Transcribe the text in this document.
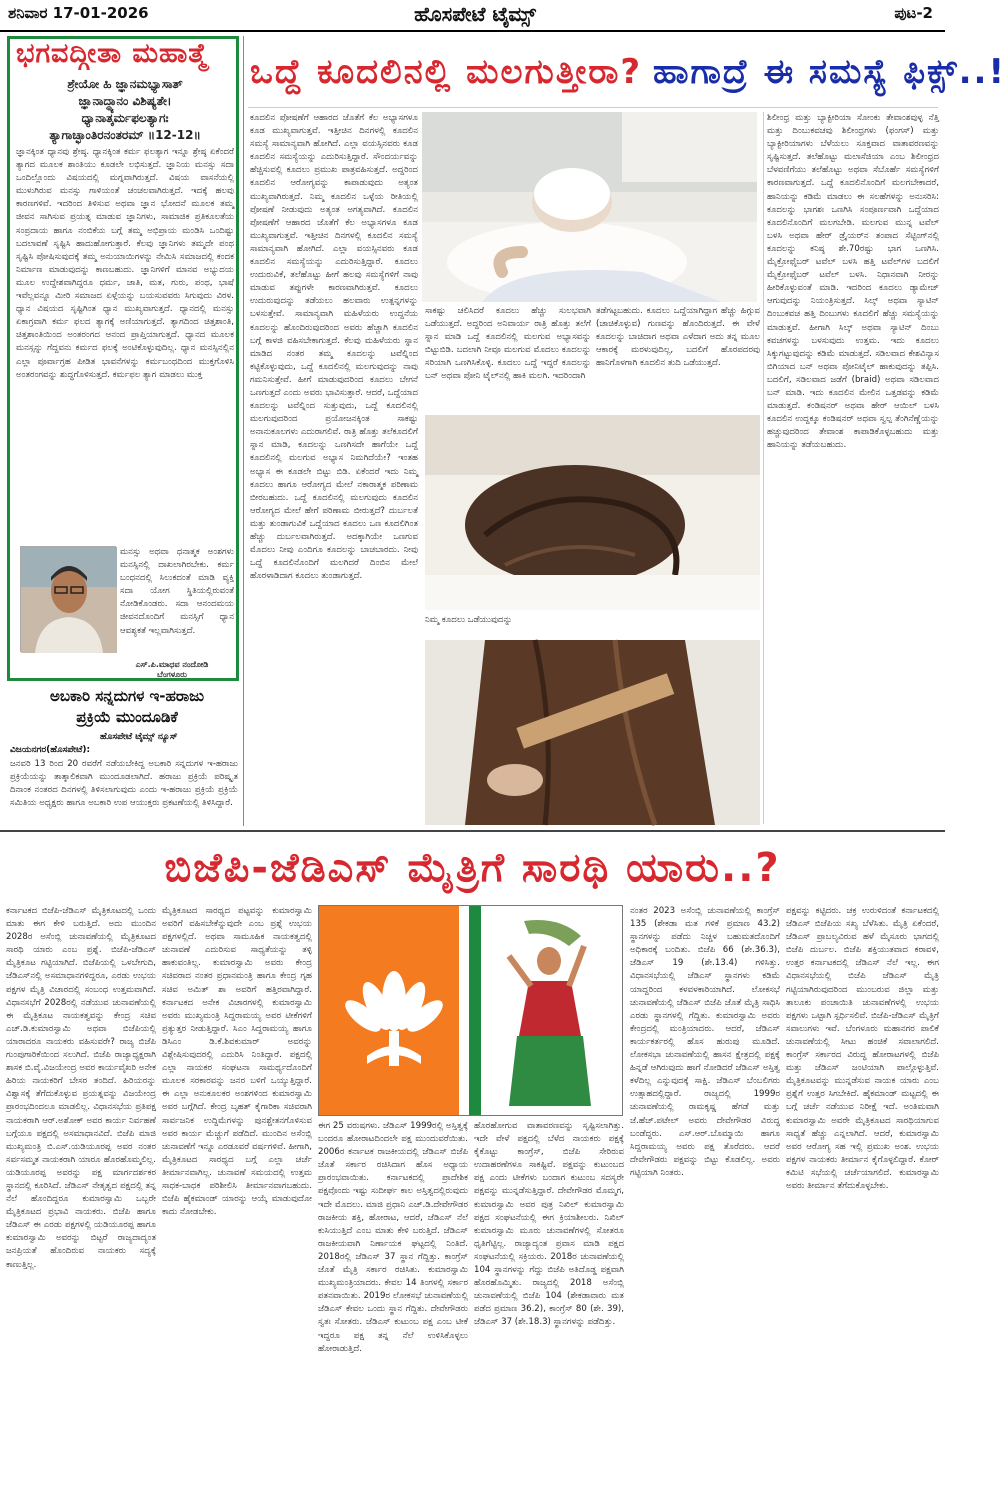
ಶನಿವಾರ 17-01-2026	ಹೊಸಪೇಟೆ ಟೈಮ್ಸ್	ಪುಟ-2
ಭಗವದ್ಗೀತಾ ಮಹಾತ್ಮೆ
ಶ್ರೇಯೋ ಹಿ ಜ್ಞಾನಮಭ್ಯಾಸಾತ್
ಜ್ಞಾನಾದ್ಧ್ಯಾನಂ ವಿಶಿಷ್ಯತೇ।
ಧ್ಯಾನಾತ್ಕರ್ಮಫಲತ್ಯಾಗಃ
ತ್ಯಾಗಾಚ್ಛಾಂತಿರನಂತರಮ್ ॥12-12॥
ಜ್ಞಾನಕ್ಕಿಂತ ಧ್ಯಾನವು ಶ್ರೇಷ್ಠ. ಧ್ಯಾನಕ್ಕಿಂತ ಕರ್ಮ ಫಲತ್ಯಾಗ ಇನ್ನೂ ಶ್ರೇಷ್ಠ ಏಕೆಂದರೆ ತ್ಯಾಗದ ಮೂಲಕ ಶಾಂತಿಯು ಕೂಡಲೇ ಲಭಿಸುತ್ತದೆ. ಜ್ಞಾನಿಯ ಮನಸ್ಸು ಸದಾ ಒಂದಿಲ್ಲೊಂದು ವಿಷಯದಲ್ಲಿ ಮಗ್ನವಾಗಿರುತ್ತದೆ. ವಿಷಯ ವಾಸನೆಯಲ್ಲಿ ಮುಳುಗಿರುವ ಮನಸ್ಸು ಗಾಳಿಯಂತೆ ಚಂಚಲವಾಗಿರುತ್ತದೆ. ಇದಕ್ಕೆ ಹಲವು ಕಾರಣಗಳಿವೆ. ಇದರಿಂದ ತಿಳಿಸುವ ಅಥವಾ ಜ್ಞಾನ ಭೋದನೆ ಮೂಲಕ ತಮ್ಮ ಜೀವನ ಸಾಗಿಸುವ ಪ್ರಯತ್ನ ಮಾಡುವ ಜ್ಞಾನಿಗಳು, ಸಾಮಾಜಿಕ ಪ್ರತಿಕೂಲತೆಯ ಸಂಪ್ರದಾಯ ಹಾಗೂ ನಂಬಿಕೆಯ ಬಗ್ಗೆ ತಮ್ಮ ಅಭಿಪ್ರಾಯ ಮಂಡಿಸಿ ಒಂದಿಷ್ಟು ಬದಲಾವಣೆ ಸೃಷ್ಟಿಸಿ ಹಾದುಹೋಗುತ್ತಾರೆ. ಕೆಲವು ಜ್ಞಾನಿಗಳು ತಮ್ಮದೇ ಪಂಥ ಸೃಷ್ಟಿಸಿ ಪೋಷಿಸುವುದಕ್ಕೆ ತಮ್ಮ ಅನುಯಾಯಿಗಳನ್ನು ನೇಮಿಸಿ ಸಮಾಜದಲ್ಲಿ ಕಂದಕ ನಿರ್ಮಾಣ ಮಾಡುವುದನ್ನು ಕಾಣಬಹುದು. ಜ್ಞಾನಿಗಳಿಗೆ ಮಾನವ ಅಭ್ಯುದಯ ಮೂಲ ಉದ್ದೇಶವಾಗಿದ್ದರೂ ಧರ್ಮ, ಜಾತಿ, ಮತ, ಗುರು, ಪಂಥ, ಭಾಷೆ ಇವೆಲ್ಲವನ್ನೂ ಮೀರಿ ಸಮಾಜದ ಏಳ್ಗೆಯನ್ನು ಬಯಸುವವರು ಸಿಗುವುದು ವಿರಳ. ಧ್ಯಾನ ವಿಷಯದ ಸೃಷ್ಟಿಗಿಂತ ಧ್ಯಾನ ಮುಖ್ಯವಾಗುತ್ತದೆ. ಧ್ಯಾನದಲ್ಲಿ ಮನಸ್ಸು ಏಕಾಗ್ರವಾಗಿ ಕರ್ಮ ಫಲದ ತ್ಯಾಗಕ್ಕೆ ಅಣಿಯಾಗುತ್ತದೆ. ತ್ಯಾಗದಿಂದ ಚಿತ್ತಶಾಂತಿ, ಚಿತ್ತಶಾಂತಿಯಿಂದ ಅಂತರಂಗದ ಆನಂದ ಪ್ರಾಪ್ತಿಯಾಗುತ್ತದೆ. ಧ್ಯಾನದ ಮೂಲಕ ಮನಸ್ಸನ್ನು ಗೆದ್ದವನು ಕರ್ಮದ ಫಲಕ್ಕೆ ಅಂಟಿಕೊಳ್ಳುವುದಿಲ್ಲ. ಧ್ಯಾನ ಮನಸ್ಸಿನಲ್ಲಿನ ಎಲ್ಲಾ ಪೂರ್ವಾಗ್ರಹ ಪೀಡಿತ ಭಾವನೆಗಳನ್ನು ಕರ್ಮಬಂಧದಿಂದ ಮುಕ್ತಗೊಳಿಸಿ ಅಂತರಂಗವನ್ನು ಶುದ್ಧಗೊಳಿಸುತ್ತದೆ. ಕರ್ಮಫಲ ತ್ಯಾಗ ಮಾಡಲು ಮುಕ್ತ
ಮನಸ್ಸು ಅಥವಾ ಧನಾತ್ಮಕ ಅಂಶಗಳು ಮನಸ್ಸಿನಲ್ಲಿ ದಾಖಲಾಗಿರಬೇಕು. ಕರ್ಮ ಬಂಧನದಲ್ಲಿ ಸಿಲುಕದಂತೆ ಮಾಡಿ ವ್ಯಕ್ತಿ ಸದಾ ಯೋಗ ಸ್ಥಿತಿಯಲ್ಲಿರುವಂತೆ ನೋಡಿಕೊಂಡರು. ಸದಾ ಆನಂದಮಯ ಜೀವನದೊಂದಿಗೆ ಮನಸ್ಸಿಗೆ ಧ್ಯಾನ ಆವಶ್ಯಕತೆ ಇಲ್ಲವಾಗಿಸುತ್ತದೆ.
ಎಸ್.ಪಿ.ಮಾಧವ ನಂದೋಡಿ
ಬೆಂಗಳೂರು
ಅಬಕಾರಿ ಸನ್ನದುಗಳ ಇ-ಹರಾಜು
ಪ್ರಕ್ರಿಯೆ ಮುಂದೂಡಿಕೆ
ಹೊಸಪೇಟೆ ಟೈಮ್ಸ್ ನ್ಯೂಸ್
ವಿಜಯನಗರ(ಹೊಸಪೇಟೆ):
ಜನವರಿ 13 ರಿಂದ 20 ರವರೆಗೆ ನಡೆಯಬೇಕಿದ್ದ ಅಬಕಾರಿ ಸನ್ನದುಗಳ ಇ-ಹರಾಜು ಪ್ರಕ್ರಿಯೆಯನ್ನು ತಾತ್ಕಾಲಿಕವಾಗಿ ಮುಂದೂಡಲಾಗಿದೆ. ಹರಾಜು ಪ್ರಕ್ರಿಯೆ ಪರಿಷ್ಕೃತ ದಿನಾಂಕ ನಂತರದ ದಿನಗಳಲ್ಲಿ ತಿಳಿಸಲಾಗುವುದು ಎಂದು ಇ-ಹರಾಜು ಪ್ರಕ್ರಿಯೆ ಪ್ರಕ್ರಿಯೆ ಸಮಿತಿಯ ಅಧ್ಯಕ್ಷರು ಹಾಗೂ ಅಬಕಾರಿ ಉಪ ಆಯುಕ್ತರು ಪ್ರಕಟಣೆಯಲ್ಲಿ ತಿಳಿಸಿದ್ದಾರೆ.
ಒದ್ದೆ ಕೂದಲಿನಲ್ಲಿ ಮಲಗುತ್ತೀರಾ? ಹಾಗಾದ್ರೆ ಈ ಸಮಸ್ಯೆ ಫಿಕ್ಸ್..!
ಕೂದಲಿನ ಪೋಷಣೆಗೆ ಆಹಾರದ ಜೊತೆಗೆ ಕೆಲ ಅಭ್ಯಾಸಗಳೂ ಕೂಡ ಮುಖ್ಯವಾಗುತ್ತವೆ. ಇತ್ತೀಚಿನ ದಿನಗಳಲ್ಲಿ ಕೂದಲಿನ ಸಮಸ್ಯೆ ಸಾಮಾನ್ಯವಾಗಿ ಹೋಗಿದೆ. ಎಲ್ಲಾ ವಯಸ್ಸಿನವರು ಕೂಡ ಕೂದಲಿನ ಸಮಸ್ಯೆಯನ್ನು ಎದುರಿಸುತ್ತಿದ್ದಾರೆ. ಸೌಂದರ್ಯವನ್ನು ಹೆಚ್ಚಿಸುವಲ್ಲಿ ಕೂದಲು ಪ್ರಮುಖ ಪಾತ್ರವಹಿಸುತ್ತದೆ. ಅದ್ದರಿಂದ ಕೂದಲಿನ ಆರೋಗ್ಯವನ್ನು ಕಾಪಾಡುವುದು ಅತ್ಯಂತ ಮುಖ್ಯವಾಗಿರುತ್ತದೆ. ನಿಮ್ಮ ಕೂದಲಿನ ಒಳ್ಳೆಯ ರೀತಿಯಲ್ಲಿ ಪೋಷಣೆ ನೀಡುವುದು ಅತ್ಯಂತ ಅಗತ್ಯವಾಗಿದೆ. ಕೂದಲಿನ ಪೋಷಣೆಗೆ ಆಹಾರದ ಜೊತೆಗೆ ಕೆಲ ಅಭ್ಯಾಸಗಳೂ ಕೂಡ ಮುಖ್ಯವಾಗುತ್ತವೆ. ಇತ್ತೀಚಿನ ದಿನಗಳಲ್ಲಿ ಕೂದಲಿನ ಸಮಸ್ಯೆ ಸಾಮಾನ್ಯವಾಗಿ ಹೋಗಿದೆ. ಎಲ್ಲಾ ವಯಸ್ಸಿನವರು ಕೂಡ ಕೂದಲಿನ ಸಮಸ್ಯೆಯನ್ನು ಎದುರಿಸುತ್ತಿದ್ದಾರೆ. ಕೂದಲು ಉದುರುವಿಕೆ, ತಲೆಹೊಟ್ಟು ಹೀಗೆ ಹಲವು ಸಮಸ್ಯೆಗಳಿಗೆ ನಾವು ಮಾಡುವ ತಪ್ಪುಗಳೇ ಕಾರಣವಾಗಿರುತ್ತವೆ. ಕೂದಲು ಉದುರುವುದನ್ನು ತಡೆಯಲು ಹಲವಾರು ಉತ್ಪನ್ನಗಳನ್ನು ಬಳಸುತ್ತೇವೆ. ಸಾಮಾನ್ಯವಾಗಿ ಮಹಿಳೆಯರು ಉದ್ದನೆಯ ಕೂದಲನ್ನು ಹೊಂದಿರುವುದರಿಂದ ಅವರು ಹೆಚ್ಚಾಗಿ ಕೂದಲಿನ ಬಗ್ಗೆ ಕಾಳಜಿ ವಹಿಸಬೇಕಾಗುತ್ತದೆ. ಕೆಲವು ಮಹಿಳೆಯರು ಸ್ನಾನ ಮಾಡಿದ ನಂತರ ತಮ್ಮ ಕೂದಲನ್ನು ಟವೆಲ್ನಿಂದ ಕಟ್ಟಿಕೊಳ್ಳುವುದು, ಒದ್ದೆ ಕೂದಲಿನಲ್ಲಿ ಮಲಗುವುದನ್ನು ನಾವು ಗಮನಿಸುತ್ತೇವೆ. ಹೀಗೆ ಮಾಡುವುದರಿಂದ ಕೂದಲು ಬೇಗನೆ ಒಣಗುತ್ತದೆ ಎಂದು ಅವರು ಭಾವಿಸುತ್ತಾರೆ. ಆದರೆ, ಒದ್ದೆಯಾದ ಕೂದಲನ್ನು ಟವೆಲ್ನಿಂದ ಸುತ್ತುವುದು, ಒದ್ದೆ ಕೂದಲಿನಲ್ಲಿ ಮಲಗುವುದರಿಂದ ಪ್ರಯೋಜನಕ್ಕಿಂತ ಸಾಕಷ್ಟು ಅನಾನುಕೂಲಗಳು ಎದುರಾಗಲಿವೆ. ರಾತ್ರಿ ಹೊತ್ತು ತಲೆಕೂದಲಿಗೆ ಸ್ನಾನ ಮಾಡಿ, ಕೂದಲನ್ನು ಒಣಗಿಸದೇ ಹಾಗೆಯೇ ಒದ್ದೆ ಕೂದಲಿನಲ್ಲಿ ಮಲಗುವ ಅಭ್ಯಾಸ ನಿಮಗಿದೆಯೇ? ಇಂತಹ ಅಭ್ಯಾಸ ಈ ಕೂಡಲೇ ಬಿಟ್ಟು ಬಿಡಿ. ಏಕೆಂದರೆ ಇದು ನಿಮ್ಮ ಕೂದಲು ಹಾಗೂ ಆರೋಗ್ಯದ ಮೇಲೆ ನಕಾರಾತ್ಮಕ ಪರಿಣಾಮ ಬೀರಬಹುದು. ಒದ್ದೆ ಕೂದಲಿನಲ್ಲಿ ಮಲಗುವುದು ಕೂದಲಿನ ಆರೋಗ್ಯದ ಮೇಲೆ ಹೇಗೆ ಪರಿಣಾಮ ಬೀರುತ್ತದೆ? ದುರ್ಬಲತೆ ಮತ್ತು ತುಂಡಾಗುವಿಕೆ ಒದ್ದೆಯಾದ ಕೂದಲು ಒಣ ಕೂದಲಿಗಿಂತ ಹೆಚ್ಚು ದುರ್ಬಲವಾಗಿರುತ್ತದೆ. ಅದಕ್ಕಾಗಿಯೇ ಒಣಗುವ ಮೊದಲು ನೀವು ಎಂದಿಗೂ ಕೂದಲನ್ನು ಬಾಚಬಾರದು. ನೀವು ಒದ್ದೆ ಕೂದಲಿನೊಂದಿಗೆ ಮಲಗಿದರೆ ದಿಂಬಿನ ಮೇಲೆ ಹೊರಳಾಡಿದಾಗ ಕೂದಲು ತುಂಡಾಗುತ್ತದೆ.
ಸಾಕಷ್ಟು ಚಲಿಸಿದರೆ ಕೂದಲು ಹೆಚ್ಚು ಸುಲಭವಾಗಿ ಒಡೆಯುತ್ತದೆ. ಅದ್ದರಿಂದ ಅನಿವಾರ್ಯ ರಾತ್ರಿ ಹೊತ್ತು ತಲೆಗೆ ಸ್ನಾನ ಮಾಡಿ ಒದ್ದೆ ಕೂದಲಿನಲ್ಲಿ ಮಲಗುವ ಅಭ್ಯಾಸವನ್ನು ಬಿಟ್ಟುಬಿಡಿ. ಬದಲಾಗಿ ನೀವೂ ಮಲಗುವ ಮೊದಲು ಕೂದಲನ್ನು ಸರಿಯಾಗಿ ಒಣಗಿಸಿಕೊಳ್ಳಿ. ಕೂದಲು ಒದ್ದೆ ಇದ್ದರೆ ಕೂದಲನ್ನು ಬನ್ ಅಥವಾ ಪೋನಿ ಟೈಲ್‌ನಲ್ಲಿ ಹಾಕಿ ಮಲಗಿ. ಇದರಿಂದಾಗಿ
ತಡೆಗಟ್ಟಬಹುದು. ಕೂದಲು ಒದ್ದೆಯಾಗಿದ್ದಾಗ ಹೆಚ್ಚು ಹಿಗ್ಗುವ (ಚಾಚಿಕೊಳ್ಳುವ) ಗುಣವನ್ನು ಹೊಂದಿರುತ್ತದೆ. ಈ ವೇಳೆ ಕೂದಲನ್ನು ಬಾಚಿದಾಗ ಅಥವಾ ಎಳೆದಾಗ ಅದು ತನ್ನ ಮೂಲ ಆಕಾರಕ್ಕೆ ಮರಳುವುದಿಲ್ಲ, ಬದಲಿಗೆ ಹೊರಪದರವು ಹಾನಿಗೊಳಗಾಗಿ ಕೂದಲಿನ ತುದಿ ಒಡೆಯುತ್ತದೆ.
ನಿಮ್ಮ ಕೂದಲು ಒಡೆಯುವುದನ್ನು
ಶಿಲೀಂಧ್ರ ಮತ್ತು ಬ್ಯಾಕ್ಟೀರಿಯಾ ಸೋಂಕು ತೇವಾಂಶವುಳ್ಳ ನೆತ್ತಿ ಮತ್ತು ದಿಂಬುಕವಚವು ಶಿಲೀಂಧ್ರಗಳು (ಫಂಗಸ್) ಮತ್ತು ಬ್ಯಾಕ್ಟೀರಿಯಾಗಳು ಬೆಳೆಯಲು ಸೂಕ್ತವಾದ ವಾತಾವರಣವನ್ನು ಸೃಷ್ಟಿಸುತ್ತದೆ. ತಲೆಹೊಟ್ಟು ಮಲಾಸೆಜಿಯಾ ಎಂಬ ಶಿಲೀಂಧ್ರದ ಬೆಳವಣಿಗೆಯು ತಲೆಹೊಟ್ಟು ಅಥವಾ ಸೆಬೊರ್ಹೆ ಸಮಸ್ಯೆಗಳಿಗೆ ಕಾರಣವಾಗುತ್ತದೆ. ಒದ್ದೆ ಕೂದಲಿನೊಂದಿಗೆ ಮಲಗಬೇಕಾದರೆ, ಹಾನಿಯನ್ನು ಕಡಿಮೆ ಮಾಡಲು ಈ ಸಲಹೆಗಳನ್ನು ಅನುಸರಿಸಿ: ಕೂದಲನ್ನು ಭಾಗಶಃ ಒಣಗಿಸಿ ಸಂಪೂರ್ಣವಾಗಿ ಒದ್ದೆಯಾದ ಕೂದಲಿನೊಂದಿಗೆ ಮಲಗಬೇಡಿ. ಮಲಗುವ ಮುನ್ನ ಟವೆಲ್ ಬಳಸಿ ಅಥವಾ ಹೇರ್ ಡ್ರೈಯರ್‌ನ ತಂಪಾದ ಸೆಟ್ಟಿಂಗ್‌ನಲ್ಲಿ ಕೂದಲನ್ನು ಕನಿಷ್ಠ ಶೇ.70ರಷ್ಟು ಭಾಗ ಒಣಗಿಸಿ. ಮೈಕ್ರೋಫೈಬರ್ ಟವೆಲ್ ಬಳಸಿ ಹತ್ತಿ ಟವೆಲ್‌ಗಳ ಬದಲಿಗೆ ಮೈಕ್ರೋಫೈಬರ್ ಟವೆಲ್ ಬಳಸಿ. ನಿಧಾನವಾಗಿ ನೀರನ್ನು ಹೀರಿಕೊಳ್ಳುವಂತೆ ಮಾಡಿ. ಇದರಿಂದ ಕೂದಲು ಡ್ಯಾಮೇಜ್ ಆಗುವುದನ್ನು ನಿಯಂತ್ರಿಸುತ್ತದೆ. ಸಿಲ್ಕ್ ಅಥವಾ ಸ್ಯಾಟಿನ್ ದಿಂಬುಕವಚ ಹತ್ತಿ ದಿಂಬುಗಳು ಕೂದಲಿಗೆ ಹೆಚ್ಚು ಸಮಸ್ಯೆಯನ್ನು ಮಾಡುತ್ತವೆ. ಹೀಗಾಗಿ ಸಿಲ್ಕ್ ಅಥವಾ ಸ್ಯಾಟಿನ್ ದಿಂಬು ಕವಚಗಳನ್ನು ಬಳಸುವುದು ಉತ್ತಮ. ಇದು ಕೂದಲು ಸಿಕ್ಕುಗಟ್ಟುವುದನ್ನು ಕಡಿಮೆ ಮಾಡುತ್ತದೆ. ಸಡಿಲವಾದ ಕೇಶವಿನ್ಯಾಸ ಬಿಗಿಯಾದ ಬನ್ ಅಥವಾ ಪೋನಿಟೈಲ್ ಹಾಕುವುದನ್ನು ತಪ್ಪಿಸಿ. ಬದಲಿಗೆ, ಸಡಿಲವಾದ ಜಡೆಗೆ (braid) ಅಥವಾ ಸಡಿಲವಾದ ಬನ್ ಮಾಡಿ. ಇದು ಕೂದಲಿನ ಮೇಲಿನ ಒತ್ತಡವನ್ನು ಕಡಿಮೆ ಮಾಡುತ್ತದೆ. ಕಂಡಿಷನರ್ ಅಥವಾ ಹೇರ್ ಆಯಿಲ್ ಬಳಸಿ ಕೂದಲಿನ ಉದ್ದಕ್ಕೂ ಕಂಡಿಷನರ್ ಅಥವಾ ಸ್ವಲ್ಪ ತೆಂಗಿನೆಣ್ಣೆಯನ್ನು ಹಚ್ಚುವುದರಿಂದ ತೇವಾಂಶ ಕಾಪಾಡಿಕೊಳ್ಳಬಹುದು ಮತ್ತು ಹಾನಿಯನ್ನು ತಡೆಯಬಹುದು.
ಬಿಜೆಪಿ-ಜೆಡಿಎಸ್ ಮೈತ್ರಿಗೆ ಸಾರಥಿ ಯಾರು..?
ಕರ್ನಾಟಕದ ಬಿಜೆಪಿ-ಜೆಡಿಎಸ್ ಮೈತ್ರಿಕೂಟದಲ್ಲಿ ಒಂದು ಮಾತು ಈಗ ಕೇಳಿ ಬರುತ್ತಿದೆ. ಅದು ಮುಂದಿನ 2028ರ ಅಸೆಂಬ್ಲಿ ಚುನಾವಣೆಯಲ್ಲಿ ಮೈತ್ರಿಕೂಟದ ಸಾರಥಿ ಯಾರು ಎಂಬ ಪ್ರಶ್ನೆ. ಬಿಜೆಪಿ-ಜೆಡಿಎಸ್ ಮೈತ್ರಿಕೂಟ ಗಟ್ಟಿಯಾಗಿದೆ. ಬಿಜೆಪಿಯಲ್ಲಿ ಒಳಬೇಗುದಿ, ಜೆಡಿಎಸ್‌ನಲ್ಲಿ ಅಸಮಾಧಾನಗಳಿದ್ದರೂ, ಎರಡು ಉಭಯ ಪಕ್ಷಗಳ ಮೈತ್ರಿ ವಿಚಾರದಲ್ಲಿ ಸಂಬಂಧ ಉತ್ತಮವಾಗಿದೆ. ವಿಧಾನಸಭೆಗೆ 2028ರಲ್ಲಿ ನಡೆಯುವ ಚುನಾವಣೆಯಲ್ಲಿ ಈ ಮೈತ್ರಿಕೂಟ ನಾಯಕತ್ವವನ್ನು ಕೇಂದ್ರ ಸಚಿವ ಎಚ್.ಡಿ.ಕುಮಾರಸ್ವಾಮಿ ಅಥವಾ ಬಿಜೆಪಿಯಲ್ಲಿ ಯಾರಾದರೂ ನಾಯಕರು ವಹಿಸುವರೇ? ರಾಜ್ಯ ಬಿಜೆಪಿ ಗುಂಪುಗಾರಿಕೆಯಿಂದ ಸಲುಗಿದೆ. ಬಿಜೆಪಿ ರಾಜ್ಯಾಧ್ಯಕ್ಷರಾಗಿ ಶಾಸಕ ಬಿ.ವೈ.ವಿಜಯೇಂದ್ರ ಅವರ ಕಾರ್ಯವೈಖರಿ ಅನೇಕ ಹಿರಿಯ ನಾಯಕರಿಗೆ ಬೇಸರ ತಂದಿದೆ. ಹಿರಿಯರನ್ನು ವಿಶ್ವಾಸಕ್ಕೆ ತೆಗೆದುಕೊಳ್ಳುವ ಪ್ರಯತ್ನವನ್ನು ವಿಜಯೇಂದ್ರ ಪ್ರಾರಂಭದಿಂದಲೂ ಮಾಡಲಿಲ್ಲ. ವಿಧಾನಸಭೆಯ ಪ್ರತಿಪಕ್ಷ ನಾಯಕರಾಗಿ ಆರ್.ಅಶೋಕ್ ಅವರ ಕಾರ್ಯ ನಿರ್ವಹಣೆ ಬಗ್ಗೆಯೂ ಪಕ್ಷದಲ್ಲಿ ಅಸಮಾಧಾನವಿದೆ. ಬಿಜೆಪಿ ಮಾಜಿ ಮುಖ್ಯಮಂತ್ರಿ ಬಿ.ಎಸ್.ಯಡಿಯೂರಪ್ಪ ಅವರ ನಂತರ ಸರ್ವಸಮ್ಮತ ನಾಯಕರಾಗಿ ಯಾರೂ ಹೊರಹೊಮ್ಮಲಿಲ್ಲ. ಯಡಿಯೂರಪ್ಪ ಅವರನ್ನು ಪಕ್ಷ ಮಾರ್ಗದರ್ಶಕರ ಸ್ಥಾನದಲ್ಲಿ ಕೂರಿಸಿದೆ. ಜೆಡಿಎಸ್ ನೇತೃತ್ವದ ಪಕ್ಷದಲ್ಲಿ ತನ್ನ ನೆಲೆ ಹೊಂದಿದ್ದರೂ ಕುಮಾರಸ್ವಾಮಿ ಒಬ್ಬರೇ ಮೈತ್ರಿಕೂಟದ ಪ್ರಭಾವಿ ನಾಯಕರು. ಬಿಜೆಪಿ ಹಾಗೂ ಜೆಡಿಎಸ್ ಈ ಎರಡು ಪಕ್ಷಗಳಲ್ಲಿ ಯಡಿಯೂರಪ್ಪ ಹಾಗೂ ಕುಮಾರಸ್ವಾಮಿ ಅವರನ್ನು ಬಿಟ್ಟರೆ ರಾಜ್ಯದಾದ್ಯಂತ ಜನಪ್ರಿಯತೆ ಹೊಂದಿರುವ ನಾಯಕರು ಸದ್ಯಕ್ಕೆ ಕಾಣುತ್ತಿಲ್ಲ.
ಮೈತ್ರಿಕೂಟದ ಸಾರಥ್ಯದ ಪಟ್ಟವನ್ನು ಕುಮಾರಸ್ವಾಮಿ ಅವರಿಗೆ ವಹಿಸಬೇಕೆನ್ನುವುದೇ ಎಂಬ ಪ್ರಶ್ನೆ ಉಭಯ ಪಕ್ಷಗಳಲ್ಲಿದೆ. ಅಥವಾ ಸಾಮೂಹಿಕ ನಾಯಕತ್ವದಲ್ಲಿ ಚುನಾವಣೆ ಎದುರಿಸುವ ಸಾಧ್ಯತೆಯನ್ನು ತಳ್ಳಿ ಹಾಕುವಂತಿಲ್ಲ. ಕುಮಾರಸ್ವಾಮಿ ಅವರು ಕೇಂದ್ರ ಸಚಿವರಾದ ನಂತರ ಪ್ರಧಾನಮಂತ್ರಿ ಹಾಗೂ ಕೇಂದ್ರ ಗೃಹ ಸಚಿವ ಅಮಿತ್ ಶಾ ಅವರಿಗೆ ಹತ್ತಿರವಾಗಿದ್ದಾರೆ. ಕರ್ನಾಟಕದ ಅನೇಕ ವಿಚಾರಗಳಲ್ಲಿ ಕುಮಾರಸ್ವಾಮಿ ಅವರು ಮುಖ್ಯಮಂತ್ರಿ ಸಿದ್ದರಾಮಯ್ಯ ಅವರ ಟೀಕೆಗಳಿಗೆ ಪ್ರತ್ಯುತ್ತರ ನೀಡುತ್ತಿದ್ದಾರೆ. ಸಿಎಂ ಸಿದ್ದರಾಮಯ್ಯ ಹಾಗೂ ಡಿಸಿಎಂ ಡಿ.ಕೆ.ಶಿವಕುಮಾರ್ ಅವರನ್ನು ವಿಶ್ಲೇಷಿಸುವುದರಲ್ಲಿ ಎದುರಿಸಿ ನಿಂತಿದ್ದಾರೆ. ಪಕ್ಷದಲ್ಲಿ ಎಲ್ಲಾ ನಾಯಕರ ಸಂಘಟನಾ ಸಾಮರ್ಥ್ಯದೊಂದಿಗೆ ಮೂಲಕ ಸರಕಾರವನ್ನು ಜನರ ಬಳಿಗೆ ಒಯ್ಯುತ್ತಿದ್ದಾರೆ. ಈ ಎಲ್ಲಾ ಅನುಕೂಲಕರ ಅಂಶಗಳಿಂದ ಕುಮಾರಸ್ವಾಮಿ ಅವರ ಬಗ್ಗೆಗಿದೆ. ಕೇಂದ್ರ ಬೃಹತ್ ಕೈಗಾರಿಕಾ ಸಚಿವರಾಗಿ ಸಾರ್ವಜನಿಕ ಉದ್ದಿಮೆಗಳನ್ನು ಪುನಶ್ಚೇತನಗೊಳಿಸುವ ಅವರ ಕಾರ್ಯ ಮೆಚ್ಚುಗೆ ಪಡೆದಿದೆ. ಮುಂದಿನ ಅಸೆಂಬ್ಲಿ ಚುನಾವಣೆಗೆ ಇನ್ನೂ ಎರಡೂವರೆ ವರ್ಷಗಳಿವೆ. ಹೀಗಾಗಿ, ಮೈತ್ರಿಕೂಟದ ಸಾರಥ್ಯದ ಬಗ್ಗೆ ಎಲ್ಲಾ ಚರ್ಚೆ ತೀರ್ಮಾನವಾಗಿಲ್ಲ. ಚುನಾವಣೆ ಸಮಯದಲ್ಲಿ ಉತ್ತಮ ಸಾಧಕ-ಬಾಧಕ ಪರಿಶೀಲಿಸಿ ತೀರ್ಮಾನವಾಗಬಹುದು. ಬಿಜೆಪಿ ಹೈಕಮಾಂಡ್ ಯಾರನ್ನು ಆಯ್ಕೆ ಮಾಡುವುದೋ ಕಾದು ನೋಡಬೇಕು.
ಈಗ 25 ವರುಷಗಳು. ಜೆಡಿಎಸ್ 1999ರಲ್ಲಿ ಅಸ್ತಿತ್ವಕ್ಕೆ ಬಂದರೂ ಹೋರಾಟದಿಂದಲೇ ಪಕ್ಷ ಮುಂದುವರೆಯಿತು. 2006ರ ಕರ್ನಾಟಕ ರಾಜಕೀಯದಲ್ಲಿ ಜೆಡಿಎಸ್ ಬಿಜೆಪಿ ಜೊತೆ ಸರ್ಕಾರ ರಚಿಸಿದಾಗ ಹೊಸ ಅಧ್ಯಾಯ ಪ್ರಾರಂಭವಾಯಿತು. ಕರ್ನಾಟಕದಲ್ಲಿ ಪ್ರಾದೇಶಿಕ ಪಕ್ಷವೊಂದು ಇಷ್ಟು ಸುದೀರ್ಘ ಕಾಲ ಅಸ್ತಿತ್ವದಲ್ಲಿರುವುದು ಇದೇ ಮೊದಲು. ಮಾಜಿ ಪ್ರಧಾನಿ ಎಚ್.ಡಿ.ದೇವೇಗೌಡರ ರಾಜಕೀಯ ಶಕ್ತಿ, ಹೋರಾಟ, ಆದರೆ, ಜೆಡಿಎಸ್ ನೆಲೆ ಕುಸಿಯುತ್ತಿದೆ ಎಂಬ ಮಾತು ಕೇಳಿ ಬರುತ್ತಿದೆ. ಜೆಡಿಎಸ್ ರಾಜಕೀಯವಾಗಿ ನಿರ್ಣಾಯಕ ಘಟ್ಟದಲ್ಲಿ ನಿಂತಿದೆ. 2018ರಲ್ಲಿ ಜೆಡಿಎಸ್ 37 ಸ್ಥಾನ ಗೆದ್ದಿತ್ತು. ಕಾಂಗ್ರೆಸ್ ಜೊತೆ ಮೈತ್ರಿ ಸರ್ಕಾರ ರಚಿಸಿತು. ಕುಮಾರಸ್ವಾಮಿ ಮುಖ್ಯಮಂತ್ರಿಯಾದರು. ಕೇವಲ 14 ತಿಂಗಳಲ್ಲಿ ಸರ್ಕಾರ ಪತನವಾಯಿತು. 2019ರ ಲೋಕಸಭೆ ಚುನಾವಣೆಯಲ್ಲಿ ಜೆಡಿಎಸ್ ಕೇವಲ ಒಂದು ಸ್ಥಾನ ಗೆದ್ದಿತು. ದೇವೇಗೌಡರು ಸ್ವತಃ ಸೋತರು. ಜೆಡಿಎಸ್ ಕುಟುಂಬ ಪಕ್ಷ ಎಂಬ ಟೀಕೆ ಇದ್ದರೂ ಪಕ್ಷ ತನ್ನ ನೆಲೆ ಉಳಿಸಿಕೊಳ್ಳಲು ಹೋರಾಡುತ್ತಿದೆ.
ಹೊರಹೋಗುವ ವಾತಾವರಣವನ್ನು ಸೃಷ್ಟಿಸಲಾಗಿತ್ತು. ಇದೇ ವೇಳೆ ಪಕ್ಷದಲ್ಲಿ ಬೆಳೆದ ನಾಯಕರು ಪಕ್ಷಕ್ಕೆ ಕೈಕೊಟ್ಟು ಕಾಂಗ್ರೆಸ್, ಬಿಜೆಪಿ ಸೇರಿರುವ ಉದಾಹರಣೆಗಳೂ ಸಾಕಷ್ಟಿವೆ. ಪಕ್ಷವನ್ನು ಕುಟುಂಬದ ಪಕ್ಷ ಎಂದು ಟೀಕೆಗಳು ಬಂದಾಗ ಕುಟುಂಬ ಸದಸ್ಯರೇ ಪಕ್ಷವನ್ನು ಮುನ್ನಡೆಸುತ್ತಿದ್ದಾರೆ. ದೇವೇಗೌಡರ ಮೊಮ್ಮಗ, ಕುಮಾರಸ್ವಾಮಿ ಅವರ ಪುತ್ರ ನಿಖಿಲ್ ಕುಮಾರಸ್ವಾಮಿ ಪಕ್ಷದ ಸಂಘಟನೆಯಲ್ಲಿ ಈಗ ಕ್ರಿಯಾಶೀಲರು. ನಿಖಿಲ್ ಕುಮಾರಸ್ವಾಮಿ ಮೂರು ಚುನಾವಣೆಗಳಲ್ಲಿ ಸೋತರೂ ಧೃತಿಗೆಟ್ಟಿಲ್ಲ. ರಾಜ್ಯಾದ್ಯಂತ ಪ್ರವಾಸ ಮಾಡಿ ಪಕ್ಷದ ಸಂಘಟನೆಯಲ್ಲಿ ಸಕ್ರಿಯರು. 2018ರ ಚುನಾವಣೆಯಲ್ಲಿ 104 ಸ್ಥಾನಗಳನ್ನು ಗೆದ್ದು ಬಿಜೆಪಿ ಅತಿದೊಡ್ಡ ಪಕ್ಷವಾಗಿ ಹೊರಹೊಮ್ಮಿತು. ರಾಜ್ಯದಲ್ಲಿ 2018 ಅಸೆಂಬ್ಲಿ ಚುನಾವಣೆಯಲ್ಲಿ ಬಿಜೆಪಿ 104 (ಶೇಕಡಾವಾರು ಮತ ಪಡೆದ ಪ್ರಮಾಣ 36.2), ಕಾಂಗ್ರೆಸ್ 80 (ಶೇ. 39), ಜೆಡಿಎಸ್ 37 (ಶೇ.18.3) ಸ್ಥಾನಗಳನ್ನು ಪಡೆದಿತ್ತು.
ನಂತರ 2023 ಅಸೆಂಬ್ಲಿ ಚುನಾವಣೆಯಲ್ಲಿ ಕಾಂಗ್ರೆಸ್ 135 (ಶೇಕಡಾ ಮತ ಗಳಿಕೆ ಪ್ರಮಾಣ 43.2) ಸ್ಥಾನಗಳನ್ನು ಪಡೆದು ನಿಚ್ಚಳ ಬಹುಮತದೊಂದಿಗೆ ಅಧಿಕಾರಕ್ಕೆ ಬಂದಿತು. ಬಿಜೆಪಿ 66 (ಶೇ.36.3), ಜೆಡಿಎಸ್ 19 (ಶೇ.13.4) ಗಳಿಸಿತ್ತು. ವಿಧಾನಸಭೆಯಲ್ಲಿ ಜೆಡಿಎಸ್ ಸ್ಥಾನಗಳು ಕಡಿಮೆ ಯಾದ್ದರಿಂದ ಕಳವಳಕಾರಿಯಾಗಿದೆ. ಲೋಕಸಭೆ ಚುನಾವಣೆಯಲ್ಲಿ ಜೆಡಿಎಸ್ ಬಿಜೆಪಿ ಜೊತೆ ಮೈತ್ರಿ ಸಾಧಿಸಿ ಎರಡು ಸ್ಥಾನಗಳಲ್ಲಿ ಗೆದ್ದಿತು. ಕುಮಾರಸ್ವಾಮಿ ಅವರು ಕೇಂದ್ರದಲ್ಲಿ ಮಂತ್ರಿಯಾದರು. ಆದರೆ, ಜೆಡಿಎಸ್ ಕಾರ್ಯಕರ್ತರಲ್ಲಿ ಹೊಸ ಹುರುಪು ಮೂಡಿದೆ. ಲೋಕಸಭಾ ಚುನಾವಣೆಯಲ್ಲಿ ಹಾಸನ ಕ್ಷೇತ್ರದಲ್ಲಿ ಪಕ್ಷಕ್ಕೆ ಹಿನ್ನಡೆ ಆಗಿರುವುದು ಹಾಗೆ ನೋಡಿದರೆ ಜೆಡಿಎಸ್ ಅಸ್ತಿತ್ವ ಕಳೆದಿಲ್ಲ ಎನ್ನುವುದಕ್ಕೆ ಸಾಕ್ಷಿ. ಜೆಡಿಎಸ್ ಬೆಂಬಲಿಗರು ಉತ್ಸಾಹದಲ್ಲಿದ್ದಾರೆ. ರಾಜ್ಯದಲ್ಲಿ 1999ರ ಚುನಾವಣೆಯಲ್ಲಿ ರಾಮಕೃಷ್ಣ ಹೆಗಡೆ ಮತ್ತು ಜೆ.ಹೆಚ್.ಪಟೇಲ್ ಅವರು ದೇವೇಗೌಡರ ವಿರುದ್ಧ ಬಂಡೆದ್ದರು. ಎಸ್.ಆರ್.ಬೊಮ್ಮಾಯಿ ಹಾಗೂ ಸಿದ್ದರಾಮಯ್ಯ ಅವರು ಪಕ್ಷ ತೊರೆದರು. ಆದರೆ ದೇವೇಗೌಡರು ಪಕ್ಷವನ್ನು ಬಿಟ್ಟು ಕೊಡಲಿಲ್ಲ. ಅವರು ಗಟ್ಟಿಯಾಗಿ ನಿಂತರು.
ಪಕ್ಷವನ್ನು ಕಟ್ಟಿದರು. ಚಕ್ರ ಉರುಳಿದಂತೆ ಕರ್ನಾಟಕದಲ್ಲಿ ಜೆಡಿಎಸ್ ಬಿಜೆಪಿಯ ಸಖ್ಯ ಬೆಳೆಸಿತು. ಮೈತ್ರಿ ಏಕೆಂದರೆ, ಜೆಡಿಎಸ್ ಪ್ರಾಬಲ್ಯವಿರುವ ಹಳೆ ಮೈಸೂರು ಭಾಗದಲ್ಲಿ ಬಿಜೆಪಿ ದುರ್ಬಲ. ಬಿಜೆಪಿ ಶಕ್ತಿಯುತವಾದ ಕರಾವಳಿ, ಉತ್ತರ ಕರ್ನಾಟಕದಲ್ಲಿ ಜೆಡಿಎಸ್ ನೆಲೆ ಇಲ್ಲ. ಈಗ ವಿಧಾನಸಭೆಯಲ್ಲಿ ಬಿಜೆಪಿ ಜೆಡಿಎಸ್ ಮೈತ್ರಿ ಗಟ್ಟಿಯಾಗಿರುವುದರಿಂದ ಮುಂಬರುವ ಜಿಲ್ಲಾ ಮತ್ತು ತಾಲೂಕು ಪಂಚಾಯಿತಿ ಚುನಾವಣೆಗಳಲ್ಲಿ ಉಭಯ ಪಕ್ಷಗಳು ಒಟ್ಟಾಗಿ ಸ್ಪರ್ಧಿಸಲಿವೆ. ಬಿಜೆಪಿ-ಜೆಡಿಎಸ್ ಮೈತ್ರಿಗೆ ಸವಾಲುಗಳು ಇವೆ. ಬೆಂಗಳೂರು ಮಹಾನಗರ ಪಾಲಿಕೆ ಚುನಾವಣೆಯಲ್ಲಿ ಸೀಟು ಹಂಚಿಕೆ ಸವಾಲಾಗಲಿದೆ. ಕಾಂಗ್ರೆಸ್ ಸರ್ಕಾರದ ವಿರುದ್ಧ ಹೋರಾಟಗಳಲ್ಲಿ ಬಿಜೆಪಿ ಮತ್ತು ಜೆಡಿಎಸ್ ಜಂಟಿಯಾಗಿ ಪಾಲ್ಗೊಳ್ಳುತ್ತಿವೆ. ಮೈತ್ರಿಕೂಟವನ್ನು ಮುನ್ನಡೆಸುವ ನಾಯಕ ಯಾರು ಎಂಬ ಪ್ರಶ್ನೆಗೆ ಉತ್ತರ ಸಿಗಬೇಕಿದೆ. ಹೈಕಮಾಂಡ್ ಮಟ್ಟದಲ್ಲಿ ಈ ಬಗ್ಗೆ ಚರ್ಚೆ ನಡೆಯುವ ನಿರೀಕ್ಷೆ ಇದೆ. ಅಂತಿಮವಾಗಿ ಕುಮಾರಸ್ವಾಮಿ ಅವರೇ ಮೈತ್ರಿಕೂಟದ ಸಾರಥಿಯಾಗುವ ಸಾಧ್ಯತೆ ಹೆಚ್ಚು ಎನ್ನಲಾಗಿದೆ. ಆದರೆ, ಕುಮಾರಸ್ವಾಮಿ ಅವರ ಆರೋಗ್ಯ ಸಹ ಇಲ್ಲಿ ಪ್ರಮುಖ ಅಂಶ. ಉಭಯ ಪಕ್ಷಗಳ ನಾಯಕರು ತೀರ್ಮಾನ ಕೈಗೊಳ್ಳಲಿದ್ದಾರೆ. ಕೋರ್ ಕಮಿಟಿ ಸಭೆಯಲ್ಲಿ ಚರ್ಚೆಯಾಗಲಿದೆ. ಕುಮಾರಸ್ವಾಮಿ ಅವರು ತೀರ್ಮಾನ ತೆಗೆದುಕೊಳ್ಳಬೇಕು.
